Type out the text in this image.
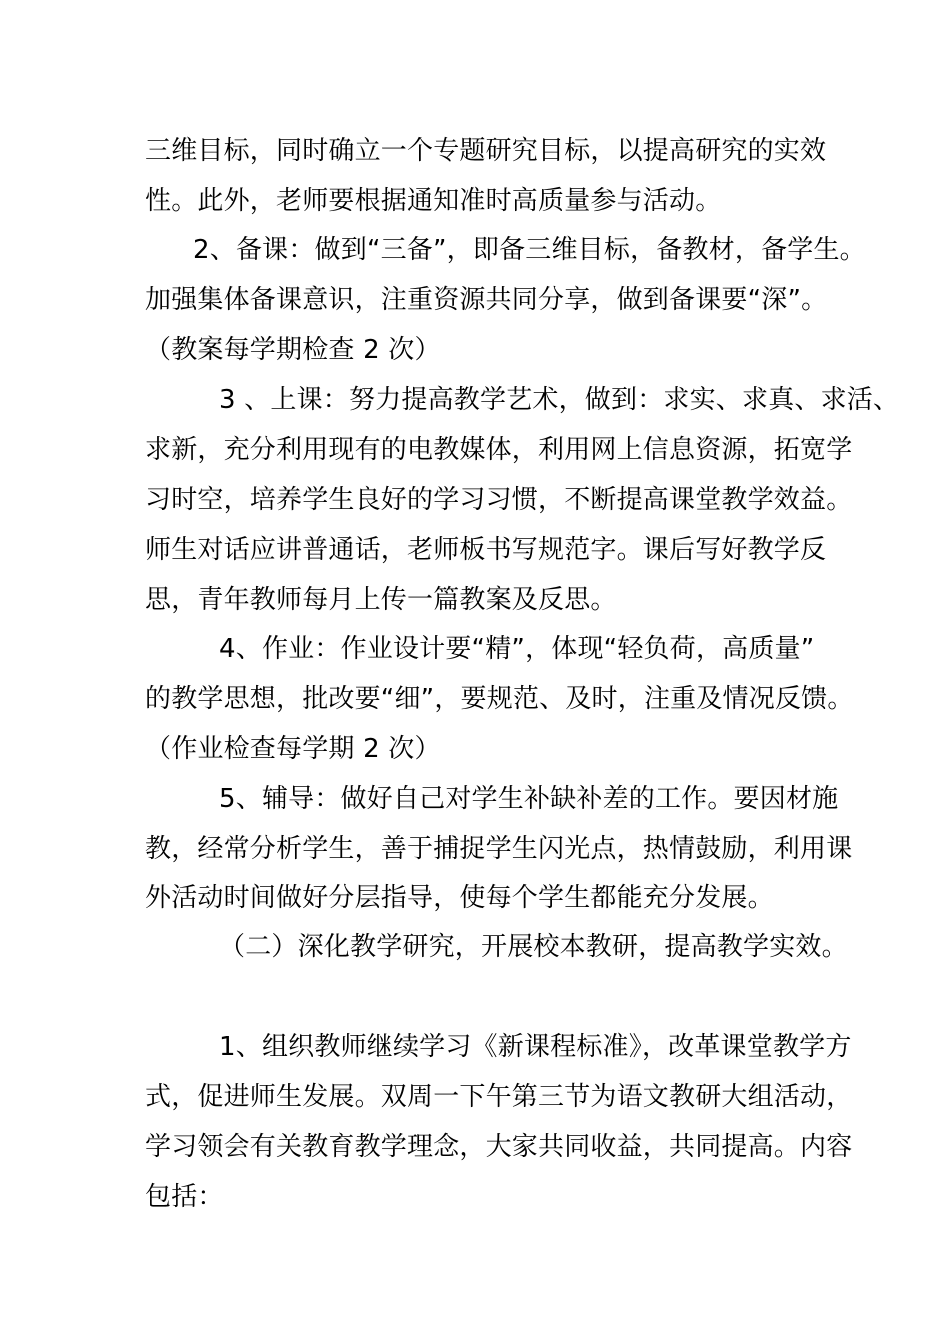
三维目标，同时确立一个专题研究目标，以提高研究的实效
性。此外，老师要根据通知准时高质量参与活动。
2、备课：做到“三备”，即备三维目标，备教材，备学生。
加强集体备课意识，注重资源共同分享，做到备课要“深”。
（教案每学期检查 2 次）
3 、上课：努力提高教学艺术，做到：求实、求真、求活、
求新，充分利用现有的电教媒体，利用网上信息资源，拓宽学
习时空，培养学生良好的学习习惯，不断提高课堂教学效益。
师生对话应讲普通话，老师板书写规范字。课后写好教学反
思，青年教师每月上传一篇教案及反思。
4、作业：作业设计要“精”，体现“轻负荷，高质量”
的教学思想，批改要“细”，要规范、及时，注重及情况反馈。
（作业检查每学期 2 次）
5、辅导：做好自己对学生补缺补差的工作。要因材施
教，经常分析学生，善于捕捉学生闪光点，热情鼓励，利用课
外活动时间做好分层指导，使每个学生都能充分发展。
（二）深化教学研究，开展校本教研，提高教学实效。
1、组织教师继续学习《新课程标准》，改革课堂教学方
式，促进师生发展。双周一下午第三节为语文教研大组活动，
学习领会有关教育教学理念，大家共同收益，共同提高。内容
包括：
